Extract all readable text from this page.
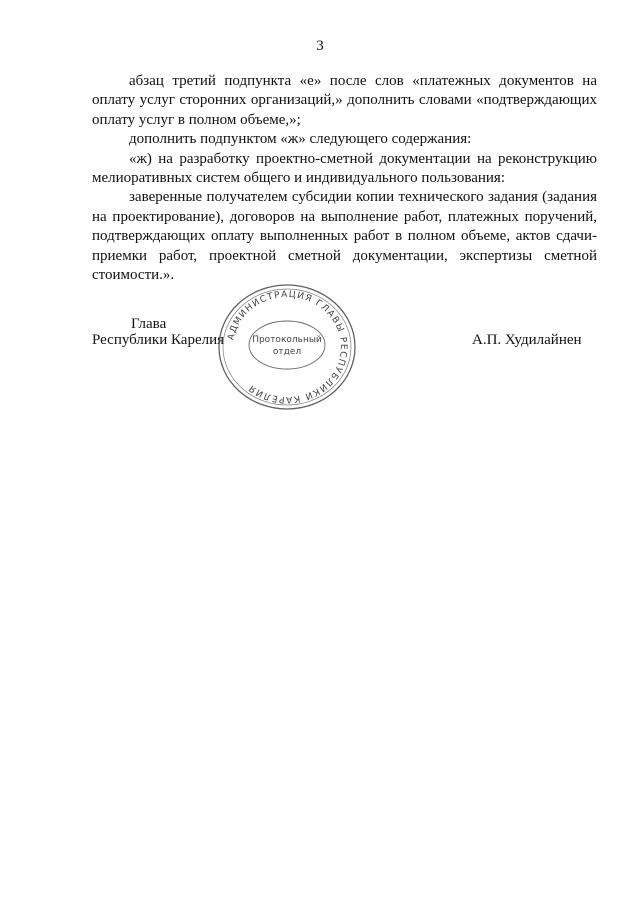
3

абзац третий подпункта «е» после слов «платежных документов на оплату услуг сторонних организаций,» дополнить словами «подтверждающих оплату услуг в полном объеме,»;

дополнить подпунктом «ж» следующего содержания:

«ж) на разработку проектно-сметной документации на реконструкцию мелиоративных систем общего и индивидуального пользования:

заверенные получателем субсидии копии технического задания (задания на проектирование), договоров на выполнение работ, платежных поручений, подтверждающих оплату выполненных работ в полном объеме, актов сдачи-приемки работ, проектной сметной документации, экспертизы сметной стоимости.».

Глава
Республики Карелия	А.П. Худилайнен
АДМИНИСТРАЦИЯ ГЛАВЫ РЕСПУБЛИКИ КАРЕЛИЯ
Протокольный
отдел
